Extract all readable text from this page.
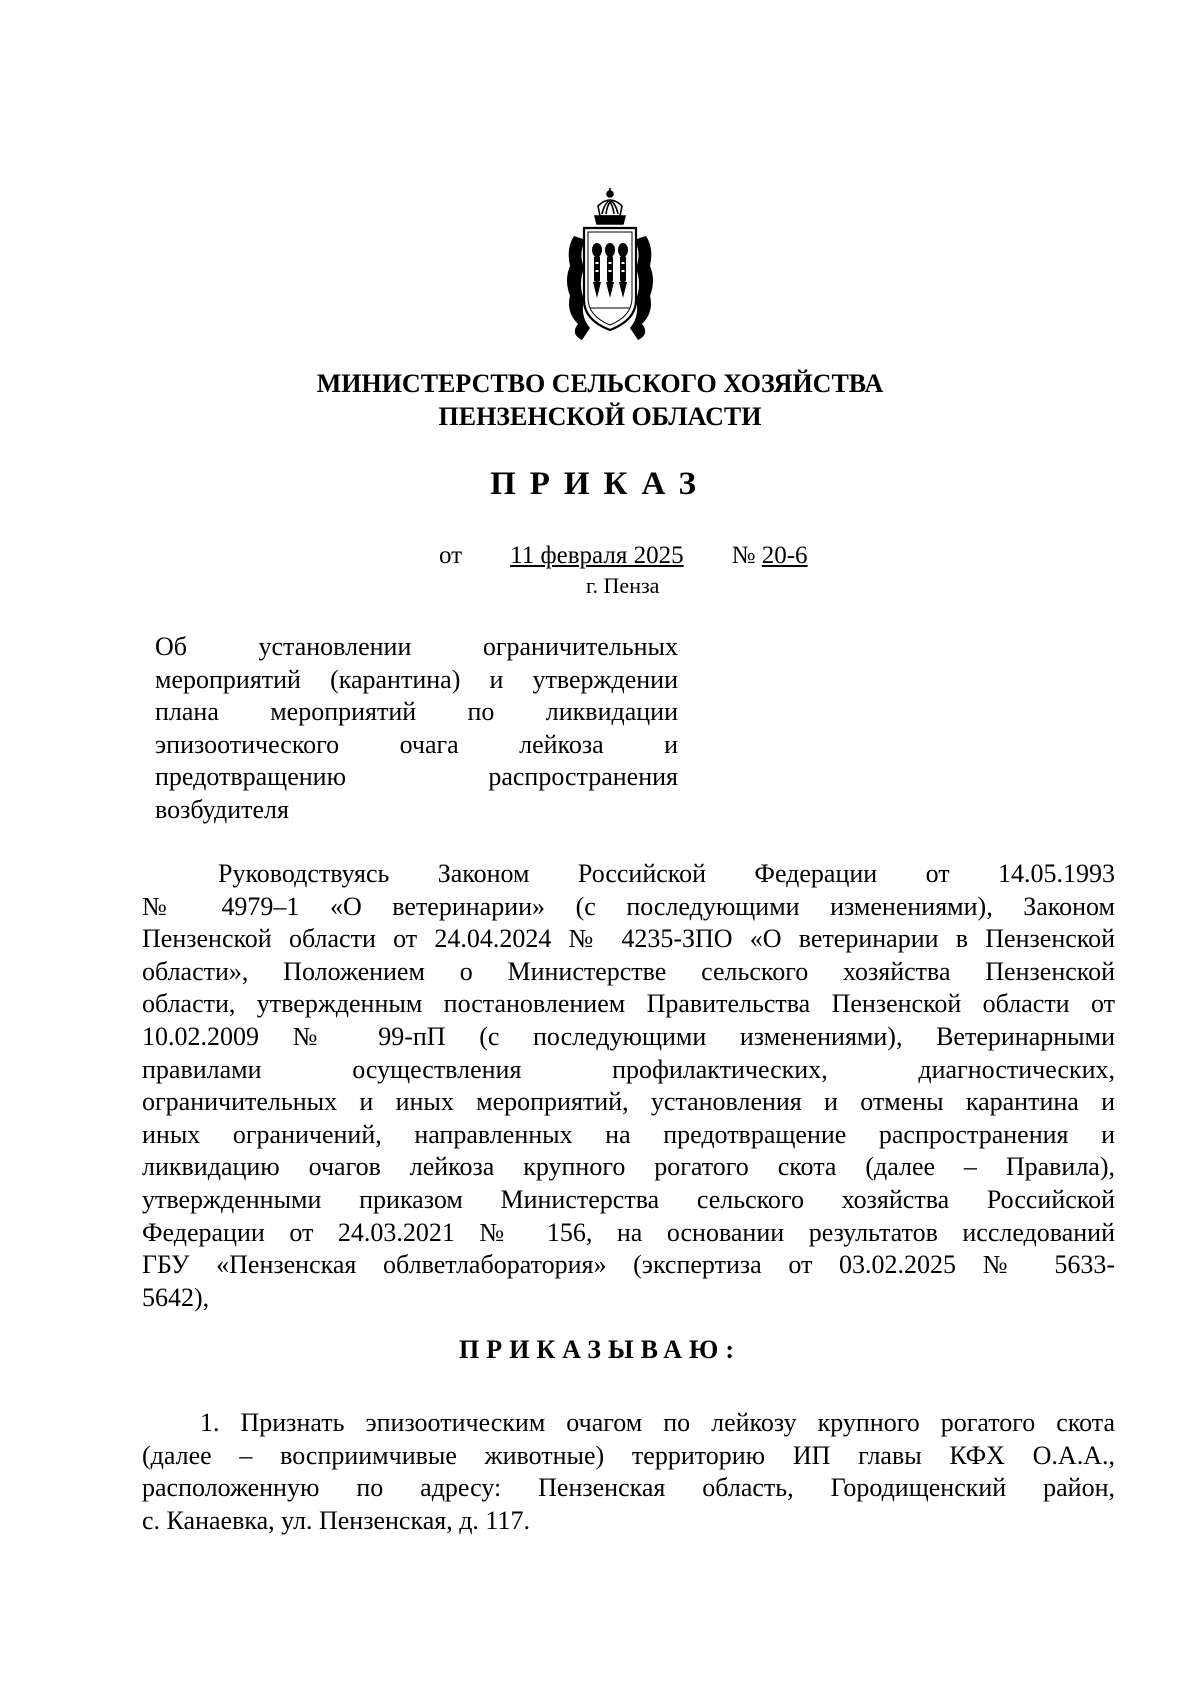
МИНИСТЕРСТВО СЕЛЬСКОГО ХОЗЯЙСТВА
ПЕНЗЕНСКОЙ ОБЛАСТИ
ПРИКАЗ
от 11 февраля 2025 № 20-6
г. Пенза
Об установлении ограничительных
мероприятий (карантина) и утверждении
плана мероприятий по ликвидации
эпизоотического очага лейкоза и
предотвращению распространения
возбудителя
Руководствуясь Законом Российской Федерации от 14.05.1993
№ 4979–1 «О ветеринарии» (с последующими изменениями), Законом
Пензенской области от 24.04.2024 № 4235-ЗПО «О ветеринарии в Пензенской
области», Положением о Министерстве сельского хозяйства Пензенской
области, утвержденным постановлением Правительства Пензенской области от
10.02.2009 № 99-пП (с последующими изменениями), Ветеринарными
правилами осуществления профилактических, диагностических,
ограничительных и иных мероприятий, установления и отмены карантина и
иных ограничений, направленных на предотвращение распространения и
ликвидацию очагов лейкоза крупного рогатого скота (далее – Правила),
утвержденными приказом Министерства сельского хозяйства Российской
Федерации от 24.03.2021 № 156, на основании результатов исследований
ГБУ «Пензенская облветлаборатория» (экспертиза от 03.02.2025 № 5633-
5642),
ПРИКАЗЫВАЮ:
1. Признать эпизоотическим очагом по лейкозу крупного рогатого скота
(далее – восприимчивые животные) территорию ИП главы КФХ О.А.А.,
расположенную по адресу: Пензенская область, Городищенский район,
с. Канаевка, ул. Пензенская, д. 117.
